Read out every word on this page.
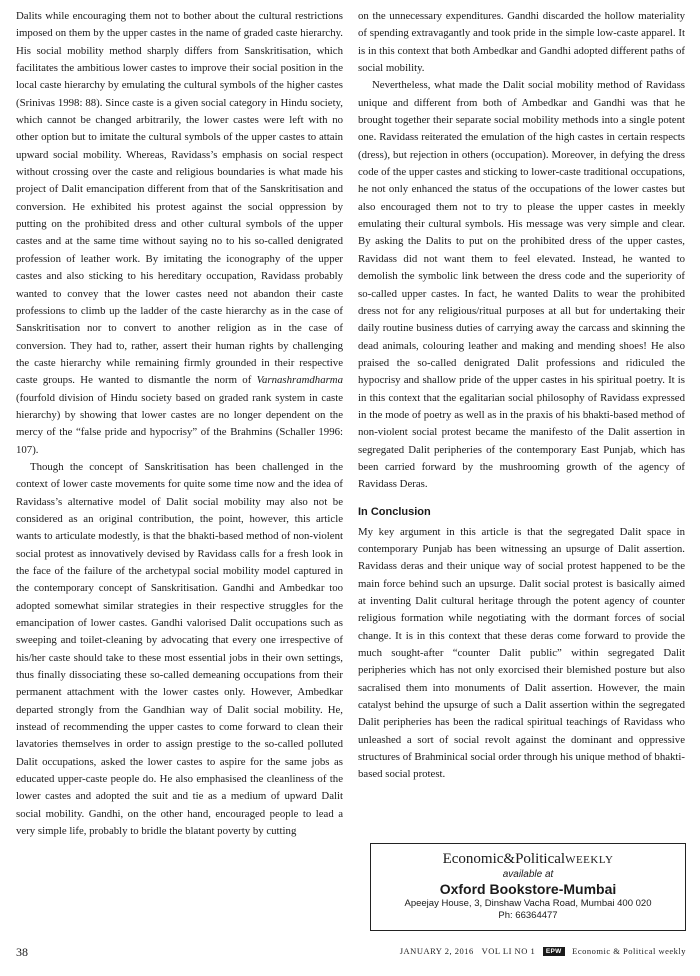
Dalits while encouraging them not to bother about the cultural restrictions imposed on them by the upper castes in the name of graded caste hierarchy. His social mobility method sharply differs from Sanskritisation, which facilitates the ambitious lower castes to improve their social position in the local caste hierarchy by emulating the cultural symbols of the higher castes (Srinivas 1998: 88). Since caste is a given social category in Hindu society, which cannot be changed arbitrarily, the lower castes were left with no other option but to imitate the cultural symbols of the upper castes to attain upward social mobility. Whereas, Ravidass’s emphasis on social respect without crossing over the caste and religious boundaries is what made his project of Dalit emancipation different from that of the Sanskritisation and conversion. He exhibited his protest against the social oppression by putting on the prohibited dress and other cultural symbols of the upper castes and at the same time without saying no to his so-called denigrated profession of leather work. By imitating the iconography of the upper castes and also sticking to his hereditary occupation, Ravidass probably wanted to convey that the lower castes need not abandon their caste professions to climb up the ladder of the caste hierarchy as in the case of Sanskritisation nor to convert to another religion as in the case of conversion. They had to, rather, assert their human rights by challenging the caste hierarchy while remaining firmly grounded in their respective caste groups. He wanted to dismantle the norm of Varnashramdharma (fourfold division of Hindu society based on graded rank system in caste hierarchy) by showing that lower castes are no longer dependent on the mercy of the “false pride and hypocrisy” of the Brahmins (Schaller 1996: 107).

Though the concept of Sanskritisation has been challenged in the context of lower caste movements for quite some time now and the idea of Ravidass’s alternative model of Dalit social mobility may also not be considered as an original contribution, the point, however, this article wants to articulate modestly, is that the bhakti-based method of non-violent social protest as innovatively devised by Ravidass calls for a fresh look in the face of the failure of the archetypal social mobility model captured in the contemporary concept of Sanskritisation. Gandhi and Ambedkar too adopted somewhat similar strategies in their respective struggles for the emancipation of lower castes. Gandhi valorised Dalit occupations such as sweeping and toilet-cleaning by advocating that every one irrespective of his/her caste should take to these most essential jobs in their own settings, thus finally dissociating these so-called demeaning occupations from their permanent attachment with the lower castes only. However, Ambedkar departed strongly from the Gandhian way of Dalit social mobility. He, instead of recommending the upper castes to come forward to clean their lavatories themselves in order to assign prestige to the so-called polluted Dalit occupations, asked the lower castes to aspire for the same jobs as educated upper-caste people do. He also emphasised the cleanliness of the lower castes and adopted the suit and tie as a medium of upward Dalit social mobility. Gandhi, on the other hand, encouraged people to lead a very simple life, probably to bridle the blatant poverty by cutting

on the unnecessary expenditures. Gandhi discarded the hollow materiality of spending extravagantly and took pride in the simple low-caste apparel. It is in this context that both Ambedkar and Gandhi adopted different paths of social mobility.

Nevertheless, what made the Dalit social mobility method of Ravidass unique and different from both of Ambedkar and Gandhi was that he brought together their separate social mobility methods into a single potent one. Ravidass reiterated the emulation of the high castes in certain respects (dress), but rejection in others (occupation). Moreover, in defying the dress code of the upper castes and sticking to lower-caste traditional occupations, he not only enhanced the status of the occupations of the lower castes but also encouraged them not to try to please the upper castes in meekly emulating their cultural symbols. His message was very simple and clear. By asking the Dalits to put on the prohibited dress of the upper castes, Ravidass did not want them to feel elevated. Instead, he wanted to demolish the symbolic link between the dress code and the superiority of so-called upper castes. In fact, he wanted Dalits to wear the prohibited dress not for any religious/ritual purposes at all but for undertaking their daily routine business duties of carrying away the carcass and skinning the dead animals, colouring leather and making and mending shoes! He also praised the so-called denigrated Dalit professions and ridiculed the hypocrisy and shallow pride of the upper castes in his spiritual poetry. It is in this context that the egalitarian social philosophy of Ravidass expressed in the mode of poetry as well as in the praxis of his bhakti-based method of non-violent social protest became the manifesto of the Dalit assertion in segregated Dalit peripheries of the contemporary East Punjab, which has been carried forward by the mushrooming growth of the agency of Ravidass Deras.

In Conclusion

My key argument in this article is that the segregated Dalit space in contemporary Punjab has been witnessing an upsurge of Dalit assertion. Ravidass deras and their unique way of social protest happened to be the main force behind such an upsurge. Dalit social protest is basically aimed at inventing Dalit cultural heritage through the potent agency of counter religious formation while negotiating with the dormant forces of social change. It is in this context that these deras come forward to provide the much sought-after “counter Dalit public” within segregated Dalit peripheries which has not only exorcised their blemished posture but also sacralised them into monuments of Dalit assertion. However, the main catalyst behind the upsurge of such a Dalit assertion within the segregated Dalit peripheries has been the radical spiritual teachings of Ravidass who unleashed a sort of social revolt against the dominant and oppressive structures of Brahminical social order through his unique method of bhakti-based social protest.

Economic&Politicalweekly
available at
Oxford Bookstore-Mumbai
Apeejay House, 3, Dinshaw Vacha Road, Mumbai 400 020
Ph: 66364477
38	JANUARY 2, 2016 VOL LI NO 1 EPW Economic & Political weekly
